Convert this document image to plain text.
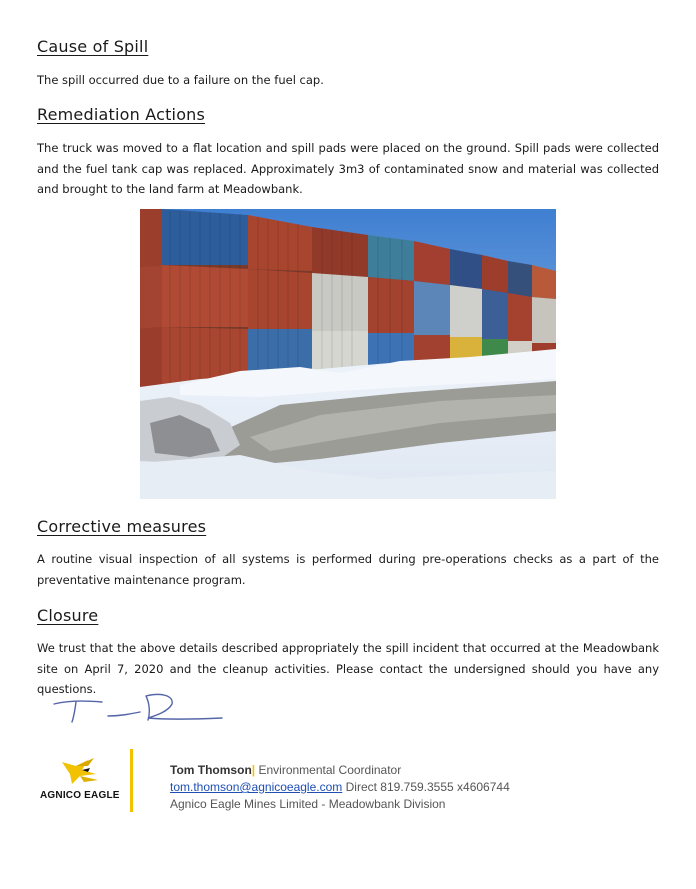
Cause of Spill

The spill occurred due to a failure on the fuel cap.

Remediation Actions

The truck was moved to a flat location and spill pads were placed on the ground. Spill pads were collected and the fuel tank cap was replaced. Approximately 3m3 of contaminated snow and material was collected and brought to the land farm at Meadowbank.

Corrective measures

A routine visual inspection of all systems is performed during pre-operations checks as a part of the preventative maintenance program.

Closure

We trust that the above details described appropriately the spill incident that occurred at the Meadowbank site on April 7, 2020 and the cleanup activities. Please contact the undersigned should you have any questions.

AGNICO EAGLE
Tom Thomson| Environmental Coordinator
tom.thomson@agnicoeagle.com Direct 819.759.3555 x4606744
Agnico Eagle Mines Limited - Meadowbank Division
